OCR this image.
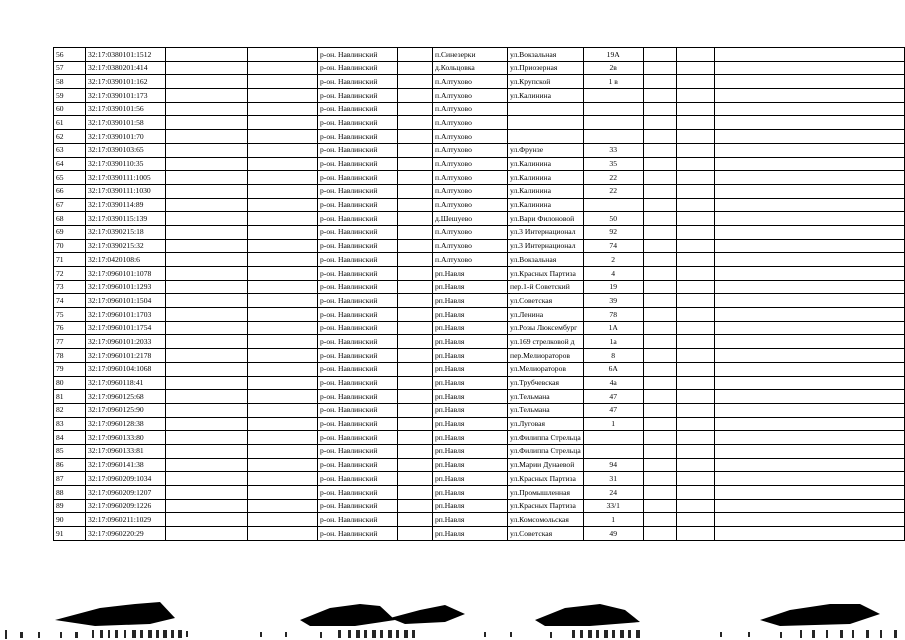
56	32:17:0380101:1512			р-он. Навлинский		п.Синезерки	ул.Вокзальная	19А			
57	32:17:0380201:414			р-он. Навлинский		д.Кольцовка	ул.Приозерная	2в			
58	32:17:0390101:162			р-он. Навлинский		п.Алтухово	ул.Крупской	1 в			
59	32:17:0390101:173			р-он. Навлинский		п.Алтухово	ул.Калинина				
60	32:17:0390101:56			р-он. Навлинский		п.Алтухово					
61	32:17:0390101:58			р-он. Навлинский		п.Алтухово					
62	32:17:0390101:70			р-он. Навлинский		п.Алтухово					
63	32:17:0390103:65			р-он. Навлинский		п.Алтухово	ул.Фрунзе	33			
64	32:17:0390110:35			р-он. Навлинский		п.Алтухово	ул.Калинина	35			
65	32:17:0390111:1005			р-он. Навлинский		п.Алтухово	ул.Калинина	22			
66	32:17:0390111:1030			р-он. Навлинский		п.Алтухово	ул.Калинина	22			
67	32:17:0390114:89			р-он. Навлинский		п.Алтухово	ул.Калинина				
68	32:17:0390115:139			р-он. Навлинский		д.Шешуево	ул.Вари Филоновой	50			
69	32:17:0390215:18			р-он. Навлинский		п.Алтухово	ул.3 Интернационал	92			
70	32:17:0390215:32			р-он. Навлинский		п.Алтухово	ул.3 Интернационал	74			
71	32:17:0420108:6			р-он. Навлинский		п.Алтухово	ул.Вокзальная	2			
72	32:17:0960101:1078			р-он. Навлинский		рп.Навля	ул.Красных Партиза	4			
73	32:17:0960101:1293			р-он. Навлинский		рп.Навля	пер.1-й Советский	19			
74	32:17:0960101:1504			р-он. Навлинский		рп.Навля	ул.Советская	39			
75	32:17:0960101:1703			р-он. Навлинский		рп.Навля	ул.Ленина	78			
76	32:17:0960101:1754			р-он. Навлинский		рп.Навля	ул.Розы Люксембург	1А			
77	32:17:0960101:2033			р-он. Навлинский		рп.Навля	ул.169 стрелковой д	1а			
78	32:17:0960101:2178			р-он. Навлинский		рп.Навля	пер.Мелиораторов	8			
79	32:17:0960104:1068			р-он. Навлинский		рп.Навля	ул.Мелиораторов	6А			
80	32:17:0960118:41			р-он. Навлинский		рп.Навля	ул.Трубчевская	4а			
81	32:17:0960125:68			р-он. Навлинский		рп.Навля	ул.Тельмана	47			
82	32:17:0960125:90			р-он. Навлинский		рп.Навля	ул.Тельмана	47			
83	32:17:0960128:38			р-он. Навлинский		рп.Навля	ул.Луговая	1			
84	32:17:0960133:80			р-он. Навлинский		рп.Навля	ул.Филиппа Стрельца				
85	32:17:0960133:81			р-он. Навлинский		рп.Навля	ул.Филиппа Стрельца				
86	32:17:0960141:38			р-он. Навлинский		рп.Навля	ул.Марии Дунаевой	94			
87	32:17:0960209:1034			р-он. Навлинский		рп.Навля	ул.Красных Партиза	31			
88	32:17:0960209:1207			р-он. Навлинский		рп.Навля	ул.Промышленная	24			
89	32:17:0960209:1226			р-он. Навлинский		рп.Навля	ул.Красных Партиза	33/1			
90	32:17:0960211:1029			р-он. Навлинский		рп.Навля	ул.Комсомольская	1			
91	32:17:0960220:29			р-он. Навлинский		рп.Навля	ул.Советская	49			
